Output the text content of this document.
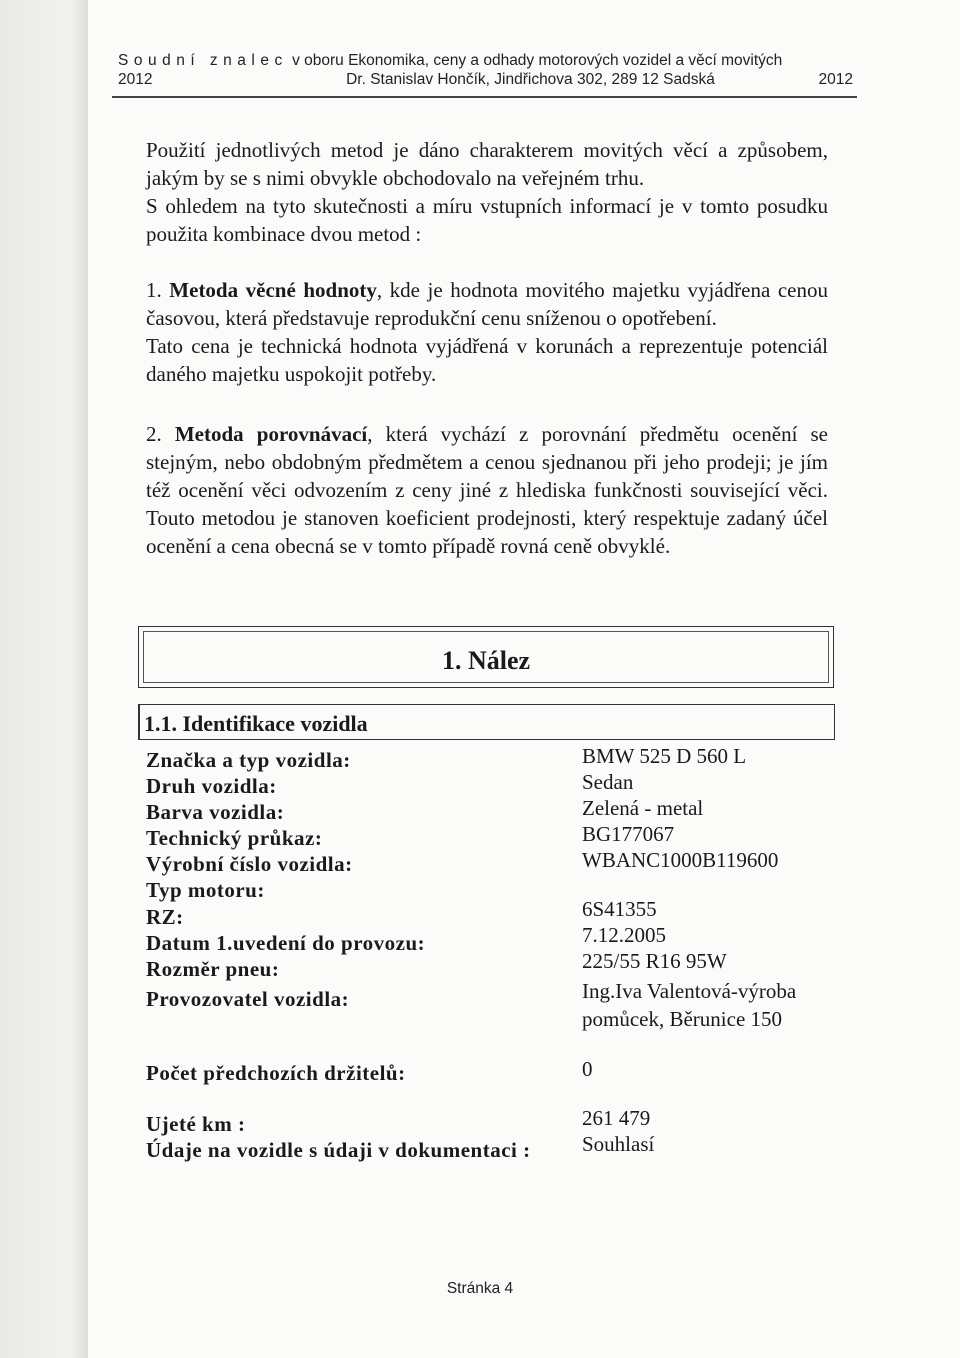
Soudní znalec v oboru Ekonomika, ceny a odhady motorových vozidel a věcí movitých
2012	Dr. Stanislav Hončík, Jindřichova 302, 289 12 Sadská	2012

Použití jednotlivých metod je dáno charakterem movitých věcí a způsobem, jakým by se s nimi obvykle obchodovalo na veřejném trhu.

S ohledem na tyto skutečnosti a míru vstupních informací je v tomto posudku použita kombinace dvou metod :

1. Metoda věcné hodnoty, kde je hodnota movitého majetku vyjádřena cenou časovou, která představuje reprodukční cenu sníženou o opotřebení.

Tato cena je technická hodnota vyjádřená v korunách a reprezentuje potenciál daného majetku uspokojit potřeby.

2. Metoda porovnávací, která vychází z porovnání předmětu ocenění se stejným, nebo obdobným předmětem a cenou sjednanou při jeho prodeji; je jím též ocenění věci odvozením z ceny jiné z hlediska funkčnosti související věci. Touto metodou je stanoven koeficient prodejnosti, který respektuje zadaný účel ocenění a cena obecná se v tomto případě rovná ceně obvyklé.

1. Nález
1.1. Identifikace vozidla
Značka a typ vozidla:	BMW 525 D 560 L
Druh vozidla:	Sedan
Barva vozidla:	Zelená - metal
Technický průkaz:	BG177067
Výrobní číslo vozidla:	WBANC1000B119600
Typ motoru:
RZ:	6S41355
Datum 1.uvedení do provozu:	7.12.2005
Rozměr pneu:	225/55 R16 95W
Provozovatel vozidla:	Ing.Iva Valentová-výroba
pomůcek, Běrunice 150
Počet předchozích držitelů:	0
Ujeté km :	261 479
Údaje na vozidle s údaji v dokumentaci : Souhlasí
Stránka 4
